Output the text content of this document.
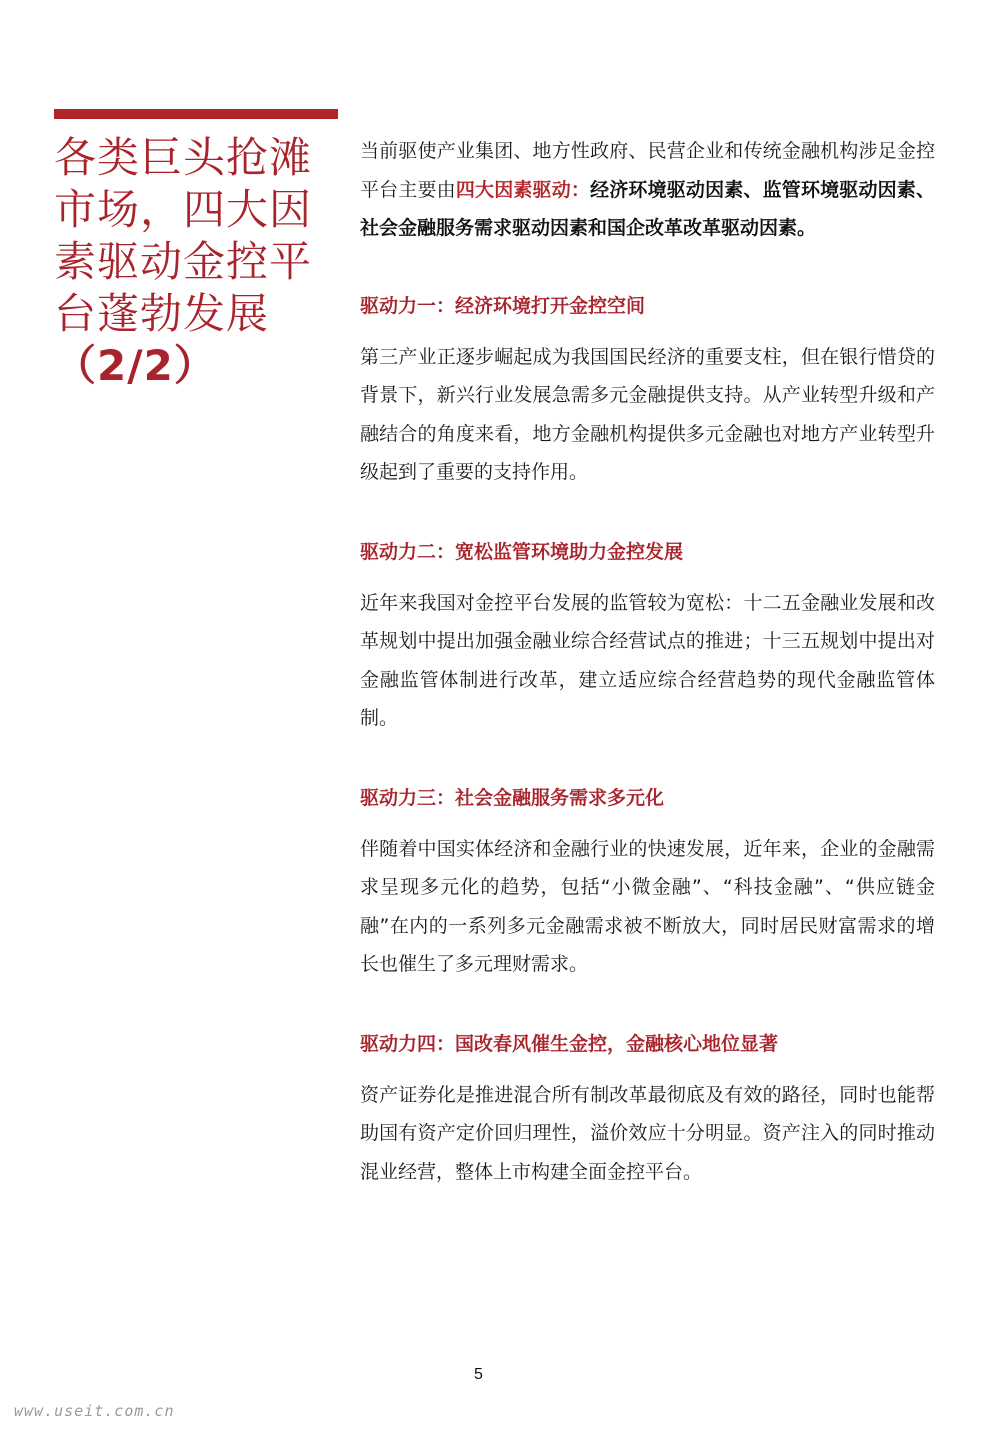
各类巨头抢滩
市场，四大因
素驱动金控平
台蓬勃发展
（2/2）

当前驱使产业集团、地方性政府、民营企业和传统金融机构涉足金控平台主要由四大因素驱动：经济环境驱动因素、监管环境驱动因素、社会金融服务需求驱动因素和国企改革改革驱动因素。

驱动力一：经济环境打开金控空间

第三产业正逐步崛起成为我国国民经济的重要支柱，但在银行惜贷的背景下，新兴行业发展急需多元金融提供支持。从产业转型升级和产融结合的角度来看，地方金融机构提供多元金融也对地方产业转型升级起到了重要的支持作用。

驱动力二：宽松监管环境助力金控发展

近年来我国对金控平台发展的监管较为宽松：十二五金融业发展和改革规划中提出加强金融业综合经营试点的推进；十三五规划中提出对金融监管体制进行改革，建立适应综合经营趋势的现代金融监管体制。

驱动力三：社会金融服务需求多元化

伴随着中国实体经济和金融行业的快速发展，近年来，企业的金融需求呈现多元化的趋势，包括“小微金融”、“科技金融”、“供应链金融”在内的一系列多元金融需求被不断放大，同时居民财富需求的增长也催生了多元理财需求。

驱动力四：国改春风催生金控，金融核心地位显著

资产证券化是推进混合所有制改革最彻底及有效的路径，同时也能帮助国有资产定价回归理性，溢价效应十分明显。资产注入的同时推动混业经营，整体上市构建全面金控平台。

5
www.useit.com.cn
